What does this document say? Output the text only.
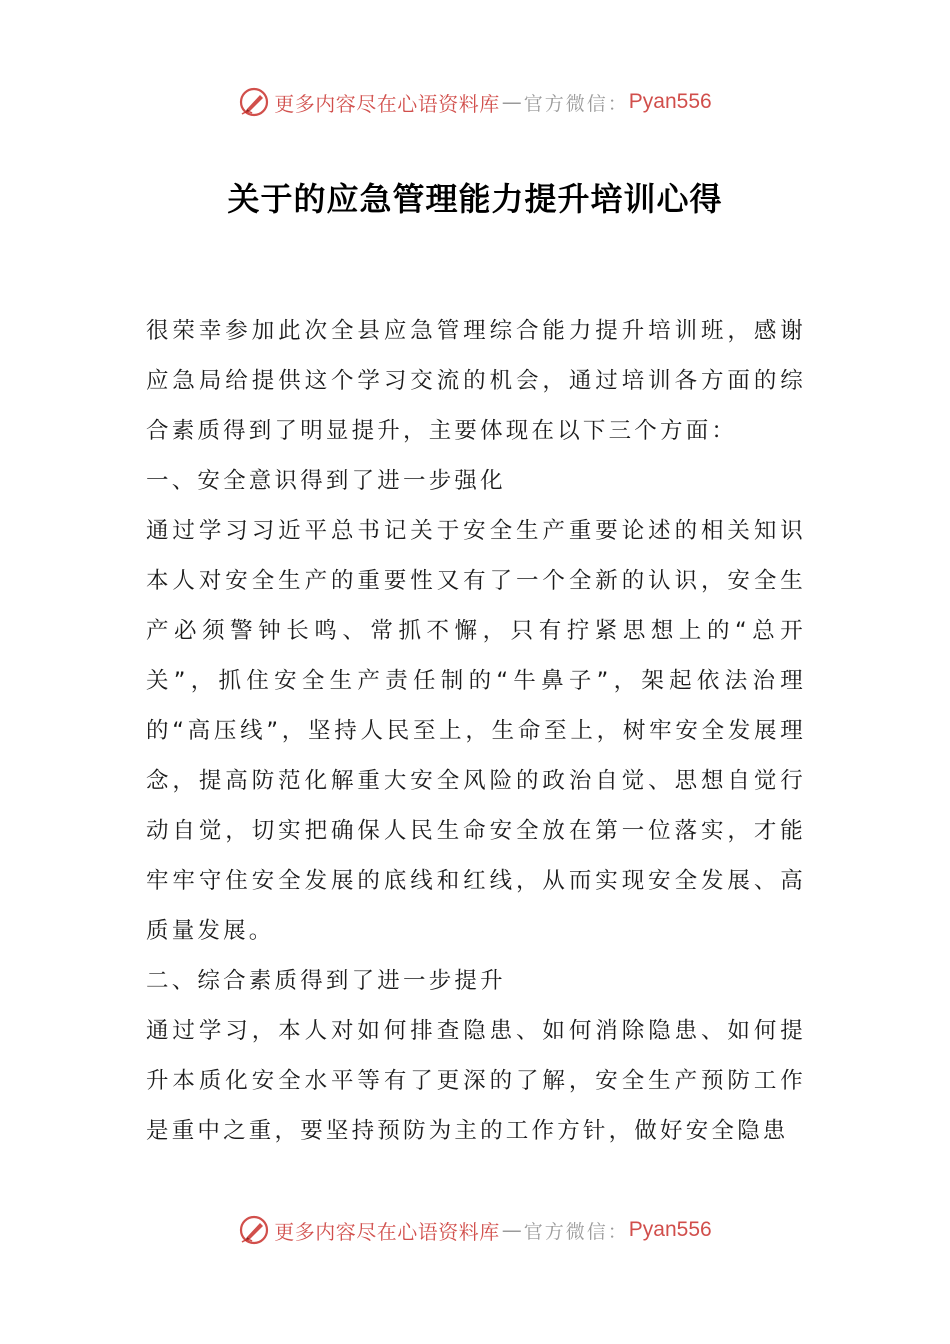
更多内容尽在心语资料库 — 官方微信： Pyan556
关于的应急管理能力提升培训心得

很荣幸参加此次全县应急管理综合能力提升培训班，感谢应急局给提供这个学习交流的机会，通过培训各方面的综合素质得到了明显提升，主要体现在以下三个方面：

一、安全意识得到了进一步强化

通过学习习近平总书记关于安全生产重要论述的相关知识本人对安全生产的重要性又有了一个全新的认识，安全生产必须警钟长鸣、常抓不懈，只有拧紧思想上的“总开关”，抓住安全生产责任制的“牛鼻子”，架起依法治理的“高压线”，坚持人民至上，生命至上，树牢安全发展理念，提高防范化解重大安全风险的政治自觉、思想自觉行动自觉，切实把确保人民生命安全放在第一位落实，才能牢牢守住安全发展的底线和红线，从而实现安全发展、高质量发展。

二、综合素质得到了进一步提升

通过学习，本人对如何排查隐患、如何消除隐患、如何提升本质化安全水平等有了更深的了解，安全生产预防工作是重中之重，要坚持预防为主的工作方针，做好安全隐患

更多内容尽在心语资料库 — 官方微信： Pyan556
